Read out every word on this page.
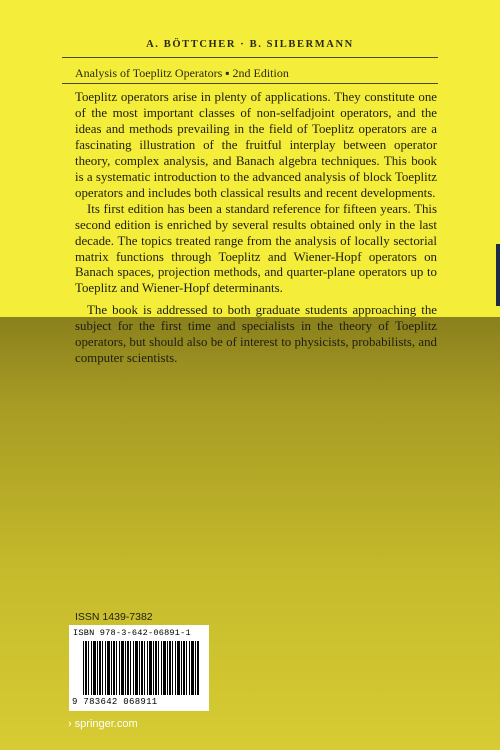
A. BÖTTCHER · B. SILBERMANN
Analysis of Toeplitz Operators ▪ 2nd Edition

Toeplitz operators arise in plenty of applications. They constitute one of the most important classes of non-selfadjoint operators, and the ideas and methods prevailing in the field of Toeplitz operators are a fascinating illustration of the fruitful interplay between operator theory, complex analysis, and Banach algebra techniques. This book is a systematic introduction to the advanced analysis of block Toeplitz operators and includes both classical results and recent developments.

Its first edition has been a standard reference for fifteen years. This second edition is enriched by several results obtained only in the last decade. The topics treated range from the analysis of locally sectorial matrix functions through Toeplitz and Wiener-Hopf operators on Banach spaces, projection methods, and quarter-plane operators up to Toeplitz and Wiener-Hopf determinants.

The book is addressed to both graduate students approaching the subject for the first time and specialists in the theory of Toeplitz operators, but should also be of interest to physicists, probabilists, and computer scientists.

ISSN 1439-7382
ISBN 978-3-642-06891-1
9 783642 068911
› springer.com
